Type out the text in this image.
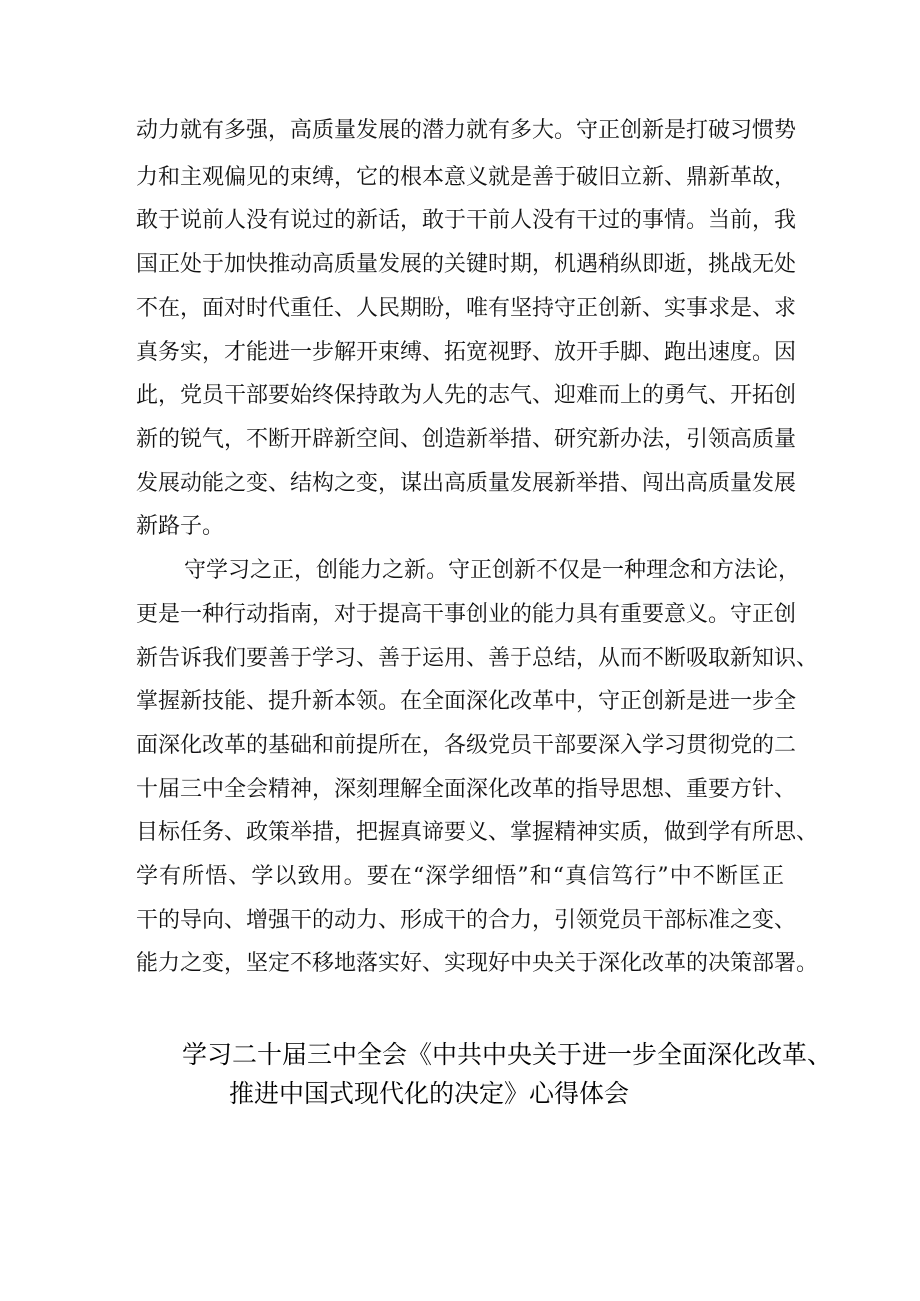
动力就有多强，高质量发展的潜力就有多大。守正创新是打破习惯势
力和主观偏见的束缚，它的根本意义就是善于破旧立新、鼎新革故，
敢于说前人没有说过的新话，敢于干前人没有干过的事情。当前，我
国正处于加快推动高质量发展的关键时期，机遇稍纵即逝，挑战无处
不在，面对时代重任、人民期盼，唯有坚持守正创新、实事求是、求
真务实，才能进一步解开束缚、拓宽视野、放开手脚、跑出速度。因
此，党员干部要始终保持敢为人先的志气、迎难而上的勇气、开拓创
新的锐气，不断开辟新空间、创造新举措、研究新办法，引领高质量
发展动能之变、结构之变，谋出高质量发展新举措、闯出高质量发展
新路子。
守学习之正，创能力之新。守正创新不仅是一种理念和方法论，
更是一种行动指南，对于提高干事创业的能力具有重要意义。守正创
新告诉我们要善于学习、善于运用、善于总结，从而不断吸取新知识、
掌握新技能、提升新本领。在全面深化改革中，守正创新是进一步全
面深化改革的基础和前提所在，各级党员干部要深入学习贯彻党的二
十届三中全会精神，深刻理解全面深化改革的指导思想、重要方针、
目标任务、政策举措，把握真谛要义、掌握精神实质，做到学有所思、
学有所悟、学以致用。要在“深学细悟”和“真信笃行”中不断匡正
干的导向、增强干的动力、形成干的合力，引领党员干部标准之变、
能力之变，坚定不移地落实好、实现好中央关于深化改革的决策部署。
学习二十届三中全会《中共中央关于进一步全面深化改革、
推进中国式现代化的决定》心得体会
